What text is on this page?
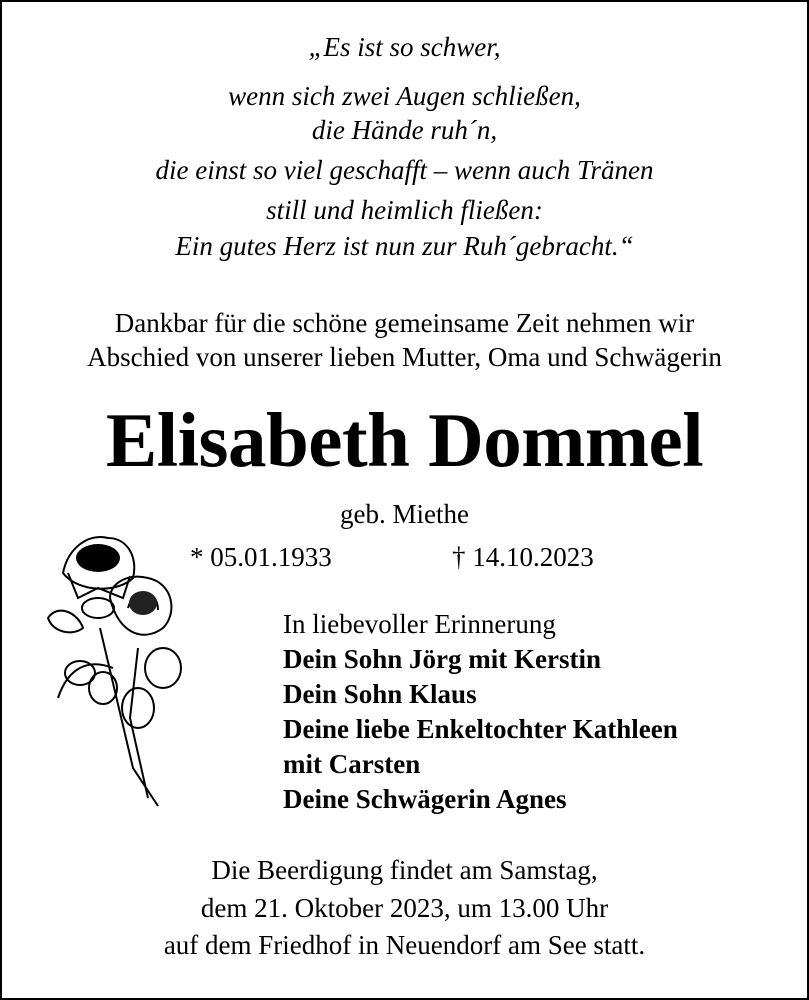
„Es ist so schwer,
wenn sich zwei Augen schließen,
die Hände ruh´n,
die einst so viel geschafft – wenn auch Tränen
still und heimlich fließen:
Ein gutes Herz ist nun zur Ruh´gebracht.“
Dankbar für die schöne gemeinsame Zeit nehmen wir
Abschied von unserer lieben Mutter, Oma und Schwägerin
Elisabeth Dommel
geb. Miethe
* 05.01.1933	† 14.10.2023
In liebevoller Erinnerung
Dein Sohn Jörg mit Kerstin
Dein Sohn Klaus
Deine liebe Enkeltochter Kathleen
mit Carsten
Deine Schwägerin Agnes
Die Beerdigung findet am Samstag,
dem 21. Oktober 2023, um 13.00 Uhr
auf dem Friedhof in Neuendorf am See statt.
